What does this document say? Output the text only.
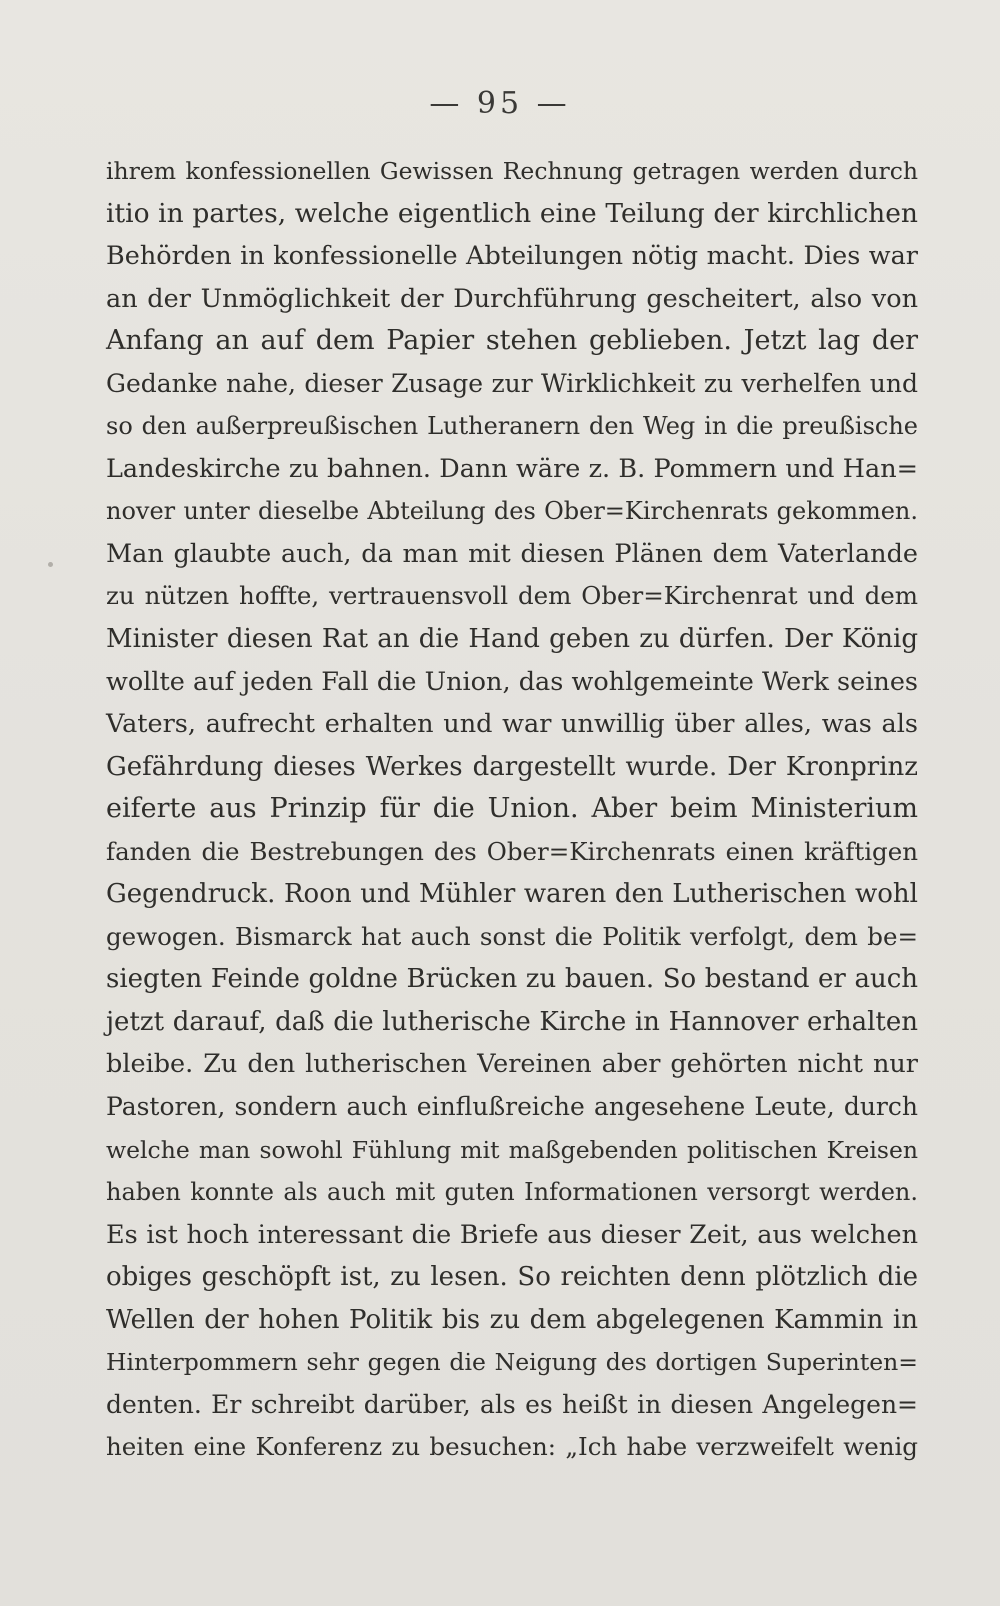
— 95 —
ihrem konfessionellen Gewissen Rechnung getragen werden durch
itio in partes, welche eigentlich eine Teilung der kirchlichen
Behörden in konfessionelle Abteilungen nötig macht. Dies war
an der Unmöglichkeit der Durchführung gescheitert, also von
Anfang an auf dem Papier stehen geblieben. Jetzt lag der
Gedanke nahe, dieser Zusage zur Wirklichkeit zu verhelfen und
so den außerpreußischen Lutheranern den Weg in die preußische
Landeskirche zu bahnen. Dann wäre z. B. Pommern und Han=
nover unter dieselbe Abteilung des Ober=Kirchenrats gekommen.
Man glaubte auch, da man mit diesen Plänen dem Vaterlande
zu nützen hoffte, vertrauensvoll dem Ober=Kirchenrat und dem
Minister diesen Rat an die Hand geben zu dürfen. Der König
wollte auf jeden Fall die Union, das wohlgemeinte Werk seines
Vaters, aufrecht erhalten und war unwillig über alles, was als
Gefährdung dieses Werkes dargestellt wurde. Der Kronprinz
eiferte aus Prinzip für die Union. Aber beim Ministerium
fanden die Bestrebungen des Ober=Kirchenrats einen kräftigen
Gegendruck. Roon und Mühler waren den Lutherischen wohl
gewogen. Bismarck hat auch sonst die Politik verfolgt, dem be=
siegten Feinde goldne Brücken zu bauen. So bestand er auch
jetzt darauf, daß die lutherische Kirche in Hannover erhalten
bleibe. Zu den lutherischen Vereinen aber gehörten nicht nur
Pastoren, sondern auch einflußreiche angesehene Leute, durch
welche man sowohl Fühlung mit maßgebenden politischen Kreisen
haben konnte als auch mit guten Informationen versorgt werden.
Es ist hoch interessant die Briefe aus dieser Zeit, aus welchen
obiges geschöpft ist, zu lesen. So reichten denn plötzlich die
Wellen der hohen Politik bis zu dem abgelegenen Kammin in
Hinterpommern sehr gegen die Neigung des dortigen Superinten=
denten. Er schreibt darüber, als es heißt in diesen Angelegen=
heiten eine Konferenz zu besuchen: „Ich habe verzweifelt wenig
